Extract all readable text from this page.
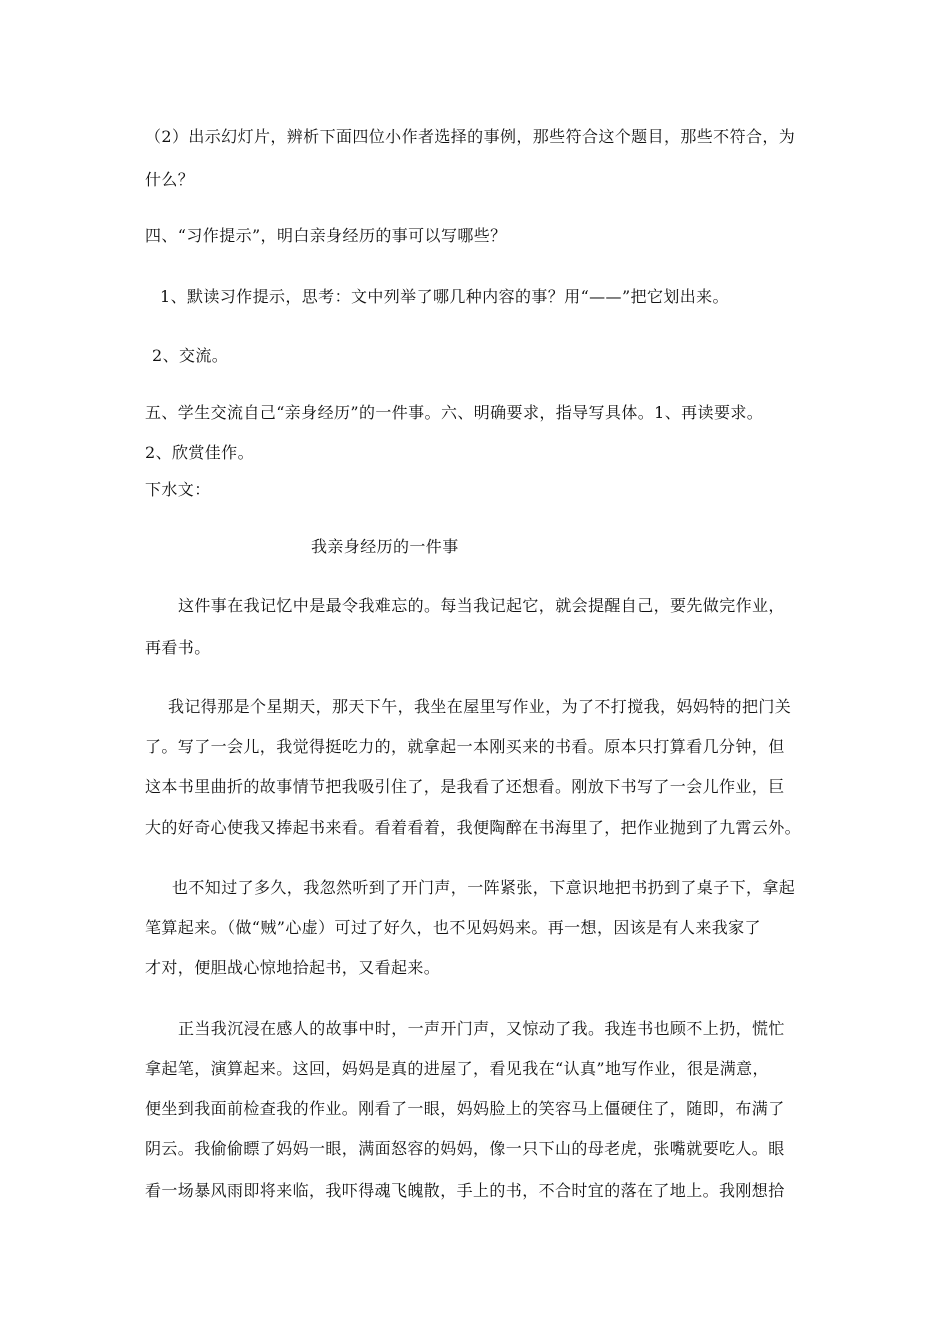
（2）出示幻灯片，辨析下面四位小作者选择的事例，那些符合这个题目，那些不符合，为
什么？
四、“习作提示”，明白亲身经历的事可以写哪些？
1、默读习作提示，思考：文中列举了哪几种内容的事？用“——”把它划出来。
2、交流。
五、学生交流自己“亲身经历”的一件事。六、明确要求，指导写具体。1、再读要求。
2、欣赏佳作。
下水文：
我亲身经历的一件事
这件事在我记忆中是最令我难忘的。每当我记起它，就会提醒自己，要先做完作业，
再看书。
我记得那是个星期天，那天下午，我坐在屋里写作业，为了不打搅我，妈妈特的把门关
了。写了一会儿，我觉得挺吃力的，就拿起一本刚买来的书看。原本只打算看几分钟，但
这本书里曲折的故事情节把我吸引住了，是我看了还想看。刚放下书写了一会儿作业，巨
大的好奇心使我又捧起书来看。看着看着，我便陶醉在书海里了，把作业抛到了九霄云外。
也不知过了多久，我忽然听到了开门声，一阵紧张，下意识地把书扔到了桌子下，拿起
笔算起来。（做“贼”心虚）可过了好久，也不见妈妈来。再一想，因该是有人来我家了
才对，便胆战心惊地拾起书，又看起来。
正当我沉浸在感人的故事中时，一声开门声，又惊动了我。我连书也顾不上扔，慌忙
拿起笔，演算起来。这回，妈妈是真的进屋了，看见我在“认真”地写作业，很是满意，
便坐到我面前检查我的作业。刚看了一眼，妈妈脸上的笑容马上僵硬住了，随即，布满了
阴云。我偷偷瞟了妈妈一眼，满面怒容的妈妈，像一只下山的母老虎，张嘴就要吃人。眼
看一场暴风雨即将来临，我吓得魂飞魄散，手上的书，不合时宜的落在了地上。我刚想拾
